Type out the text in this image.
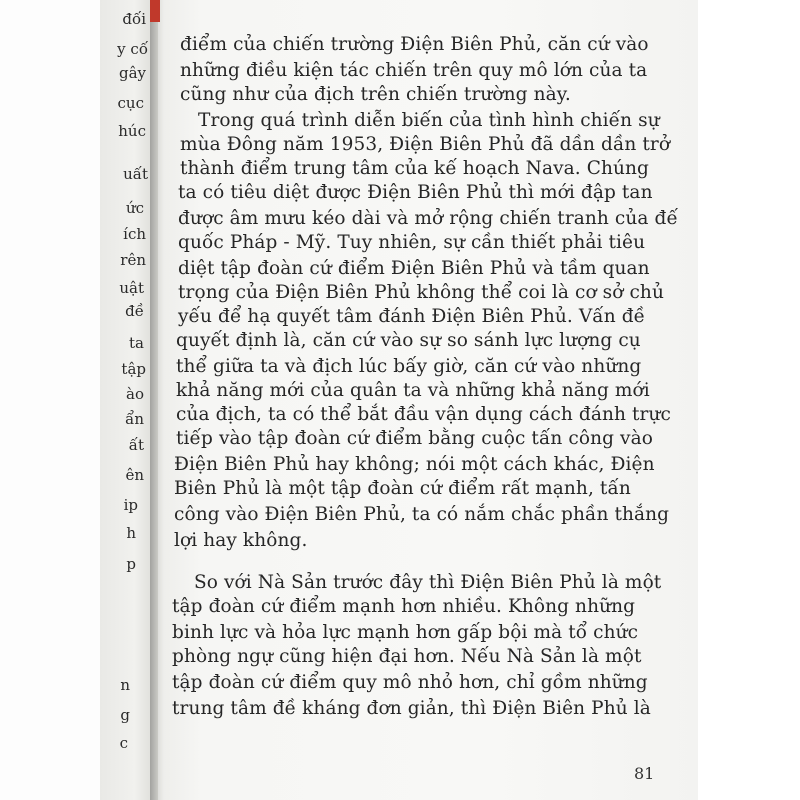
đối
y cố
gây
cục
húc
uất
ức
ích
rên
uật
đề
ta
tập
ào
ẩn
ất
ên
ip
h
p
n
g
c
điểm của chiến trường Điện Biên Phủ, căn cứ vào
những điều kiện tác chiến trên quy mô lớn của ta
cũng như của địch trên chiến trường này.
Trong quá trình diễn biến của tình hình chiến sự
mùa Đông năm 1953, Điện Biên Phủ đã dần dần trở
thành điểm trung tâm của kế hoạch Nava. Chúng
ta có tiêu diệt được Điện Biên Phủ thì mới đập tan
được âm mưu kéo dài và mở rộng chiến tranh của đế
quốc Pháp - Mỹ. Tuy nhiên, sự cần thiết phải tiêu
diệt tập đoàn cứ điểm Điện Biên Phủ và tầm quan
trọng của Điện Biên Phủ không thể coi là cơ sở chủ
yếu để hạ quyết tâm đánh Điện Biên Phủ. Vấn đề
quyết định là, căn cứ vào sự so sánh lực lượng cụ
thể giữa ta và địch lúc bấy giờ, căn cứ vào những
khả năng mới của quân ta và những khả năng mới
của địch, ta có thể bắt đầu vận dụng cách đánh trực
tiếp vào tập đoàn cứ điểm bằng cuộc tấn công vào
Điện Biên Phủ hay không; nói một cách khác, Điện
Biên Phủ là một tập đoàn cứ điểm rất mạnh, tấn
công vào Điện Biên Phủ, ta có nắm chắc phần thắng
lợi hay không.
So với Nà Sản trước đây thì Điện Biên Phủ là một
tập đoàn cứ điểm mạnh hơn nhiều. Không những
binh lực và hỏa lực mạnh hơn gấp bội mà tổ chức
phòng ngự cũng hiện đại hơn. Nếu Nà Sản là một
tập đoàn cứ điểm quy mô nhỏ hơn, chỉ gồm những
trung tâm đề kháng đơn giản, thì Điện Biên Phủ là
81
